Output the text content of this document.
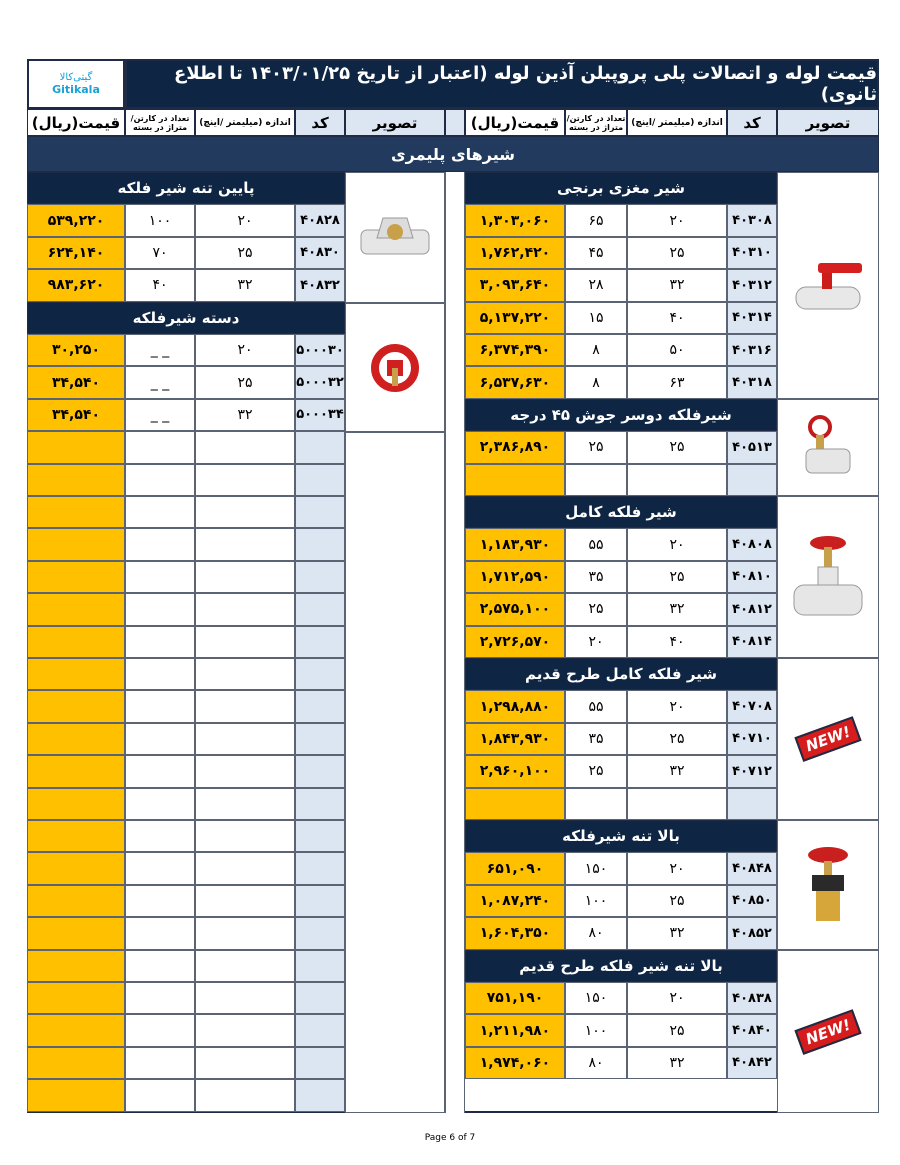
گیتی‌کالا
Gitikala
قیمت لوله و اتصالات پلی پروپیلن آذین لوله (اعتبار از تاریخ ۱۴۰۳/۰۱/۲۵ تا اطلاع ثانوی)
تصویر
کد
اندازه (میلیمتر /اینچ)
تعداد در کارتن/ متراژ در بسته
قیمت(ریال)
تصویر
کد
اندازه (میلیمتر /اینچ)
تعداد در کارتن/ متراژ در بسته
قیمت(ریال)
شیرهای پلیمری
شیر مغزی برنجی
۴۰۳۰۸
۲۰
۶۵
۱,۳۰۳,۰۶۰
۴۰۳۱۰
۲۵
۴۵
۱,۷۶۲,۴۲۰
۴۰۳۱۲
۳۲
۲۸
۳,۰۹۳,۶۴۰
۴۰۳۱۴
۴۰
۱۵
۵,۱۳۷,۲۲۰
۴۰۳۱۶
۵۰
۸
۶,۳۷۴,۳۹۰
۴۰۳۱۸
۶۳
۸
۶,۵۳۷,۶۳۰
شیرفلکه دوسر جوش ۴۵ درجه
۴۰۵۱۳
۲۵
۲۵
۲,۳۸۶,۸۹۰
شیر فلکه کامل
۴۰۸۰۸
۲۰
۵۵
۱,۱۸۳,۹۳۰
۴۰۸۱۰
۲۵
۳۵
۱,۷۱۲,۵۹۰
۴۰۸۱۲
۳۲
۲۵
۲,۵۷۵,۱۰۰
۴۰۸۱۴
۴۰
۲۰
۲,۷۲۶,۵۷۰
شیر فلکه کامل طرح قدیم
۴۰۷۰۸
۲۰
۵۵
۱,۲۹۸,۸۸۰
۴۰۷۱۰
۲۵
۳۵
۱,۸۴۳,۹۳۰
۴۰۷۱۲
۳۲
۲۵
۲,۹۶۰,۱۰۰
بالا تنه شیرفلکه
۴۰۸۴۸
۲۰
۱۵۰
۶۵۱,۰۹۰
۴۰۸۵۰
۲۵
۱۰۰
۱,۰۸۷,۲۴۰
۴۰۸۵۲
۳۲
۸۰
۱,۶۰۴,۳۵۰
بالا تنه شیر فلکه طرح قدیم
۴۰۸۳۸
۲۰
۱۵۰
۷۵۱,۱۹۰
۴۰۸۴۰
۲۵
۱۰۰
۱,۲۱۱,۹۸۰
۴۰۸۴۲
۳۲
۸۰
۱,۹۷۴,۰۶۰
پایین تنه شیر فلکه
۴۰۸۲۸
۲۰
۱۰۰
۵۳۹,۲۲۰
۴۰۸۳۰
۲۵
۷۰
۶۲۴,۱۴۰
۴۰۸۳۲
۳۲
۴۰
۹۸۳,۶۲۰
دسته شیرفلکه
۵۰۰۰۳۰
۲۰
_ _
۳۰,۲۵۰
۵۰۰۰۳۲
۲۵
_ _
۳۴,۵۴۰
۵۰۰۰۳۴
۳۲
_ _
۳۴,۵۴۰
NEW!
NEW!
Page 6 of 7
